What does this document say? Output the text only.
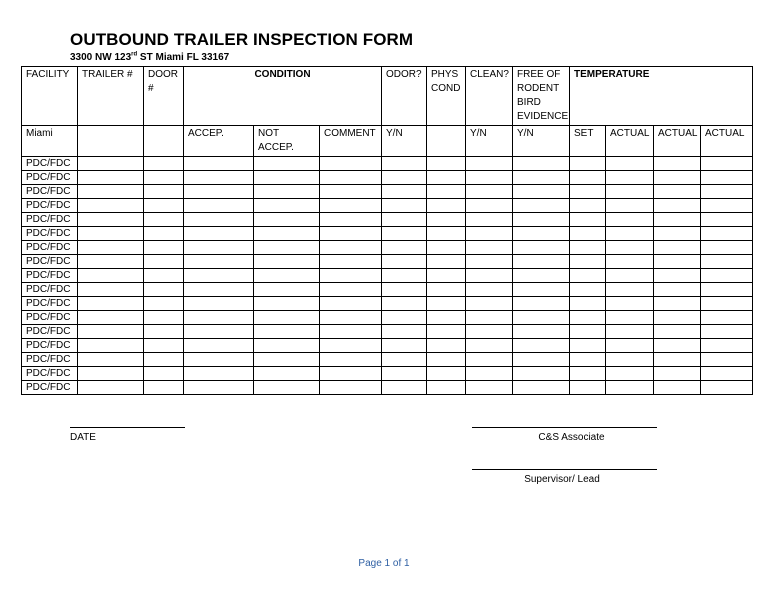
OUTBOUND TRAILER INSPECTION FORM
3300 NW 123rd ST Miami FL 33167
FACILITY	TRAILER #	DOOR #	CONDITION			ODOR?	PHYS COND	CLEAN?	FREE OF RODENT BIRD EVIDENCE	TEMPERATURE			
Miami			ACCEP.	NOT ACCEP.	COMMENT	Y/N		Y/N	Y/N	SET	ACTUAL	ACTUAL	ACTUAL
PDC/FDC													
PDC/FDC													
PDC/FDC													
PDC/FDC													
PDC/FDC													
PDC/FDC													
PDC/FDC													
PDC/FDC													
PDC/FDC													
PDC/FDC													
PDC/FDC													
PDC/FDC													
PDC/FDC													
PDC/FDC													
PDC/FDC													
PDC/FDC													
PDC/FDC													
DATE	C&S Associate
Supervisor/ Lead
Page 1 of 1
